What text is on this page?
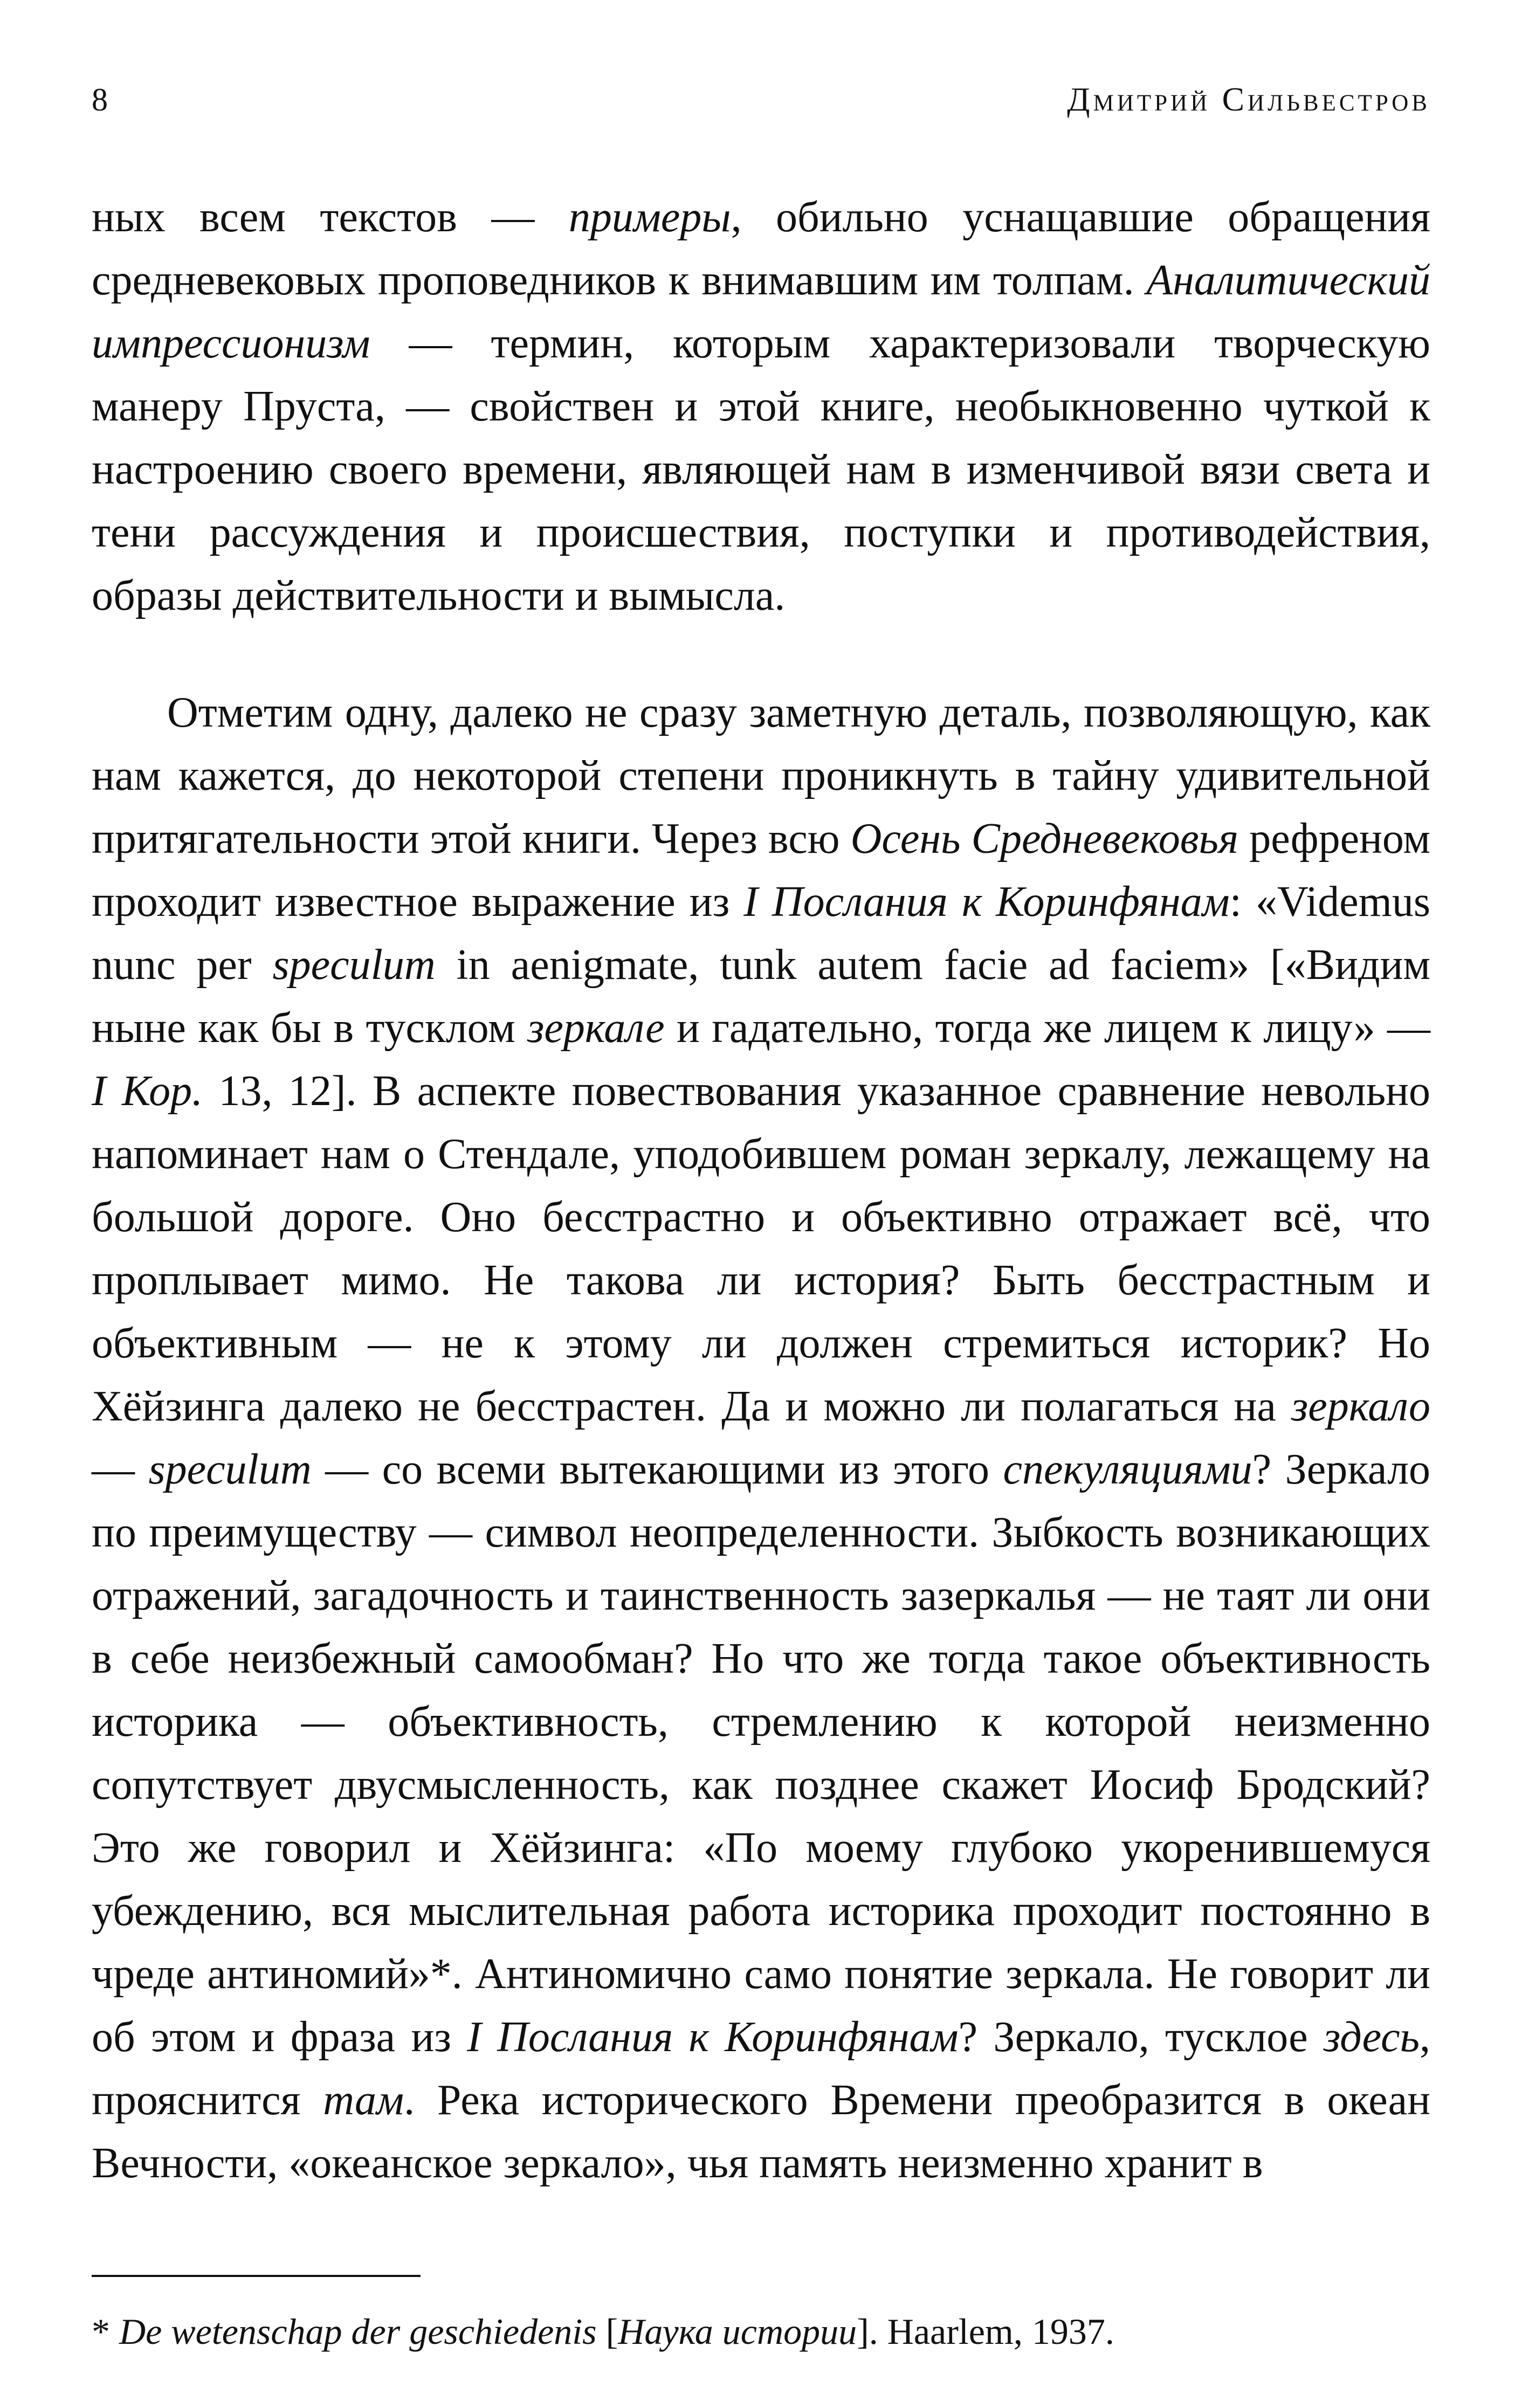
8	Дмитрий Сильвестров

ных всем текстов — примеры, обильно уснащавшие обращения средневековых проповедников к внимавшим им толпам. Аналитический импрессионизм — термин, которым характеризовали творческую манеру Пруста, — свойствен и этой книге, необыкновенно чуткой к настроению своего времени, являющей нам в изменчивой вязи света и тени рассуждения и происшествия, поступки и противодействия, образы действительности и вымысла.

Отметим одну, далеко не сразу заметную деталь, позволяющую, как нам кажется, до некоторой степени проникнуть в тайну удивительной притягательности этой книги. Через всю Осень Средневековья рефреном проходит известное выражение из I Послания к Коринфянам: «Videmus nunc per speculum in aenigmate, tunk autem facie ad faciem» [«Видим ныне как бы в тусклом зеркале и гадательно, тогда же лицем к лицу» — I Кор. 13, 12]. В аспекте повествования указанное сравнение невольно напоминает нам о Стендале, уподобившем роман зеркалу, лежащему на большой дороге. Оно бесстрастно и объективно отражает всё, что проплывает мимо. Не такова ли история? Быть бесстрастным и объективным — не к этому ли должен стремиться историк? Но Хёйзинга далеко не бесстрастен. Да и можно ли полагаться на зеркало — speculum — со всеми вытекающими из этого спекуляциями? Зеркало по преимуществу — символ неопределенности. Зыбкость возникающих отражений, загадочность и таинственность зазеркалья — не таят ли они в себе неизбежный самообман? Но что же тогда такое объективность историка — объективность, стремлению к которой неизменно сопутствует двусмысленность, как позднее скажет Иосиф Бродский? Это же говорил и Хёйзинга: «По моему глубоко укоренившемуся убеждению, вся мыслительная работа историка проходит постоянно в чреде антиномий»*. Антиномично само понятие зеркала. Не говорит ли об этом и фраза из I Послания к Коринфянам? Зеркало, тусклое здесь, прояснится там. Река исторического Времени преобразится в океан Вечности, «океанское зеркало», чья память неизменно хранит в

* De wetenschap der geschiedenis [Наука истории]. Haarlem, 1937.
